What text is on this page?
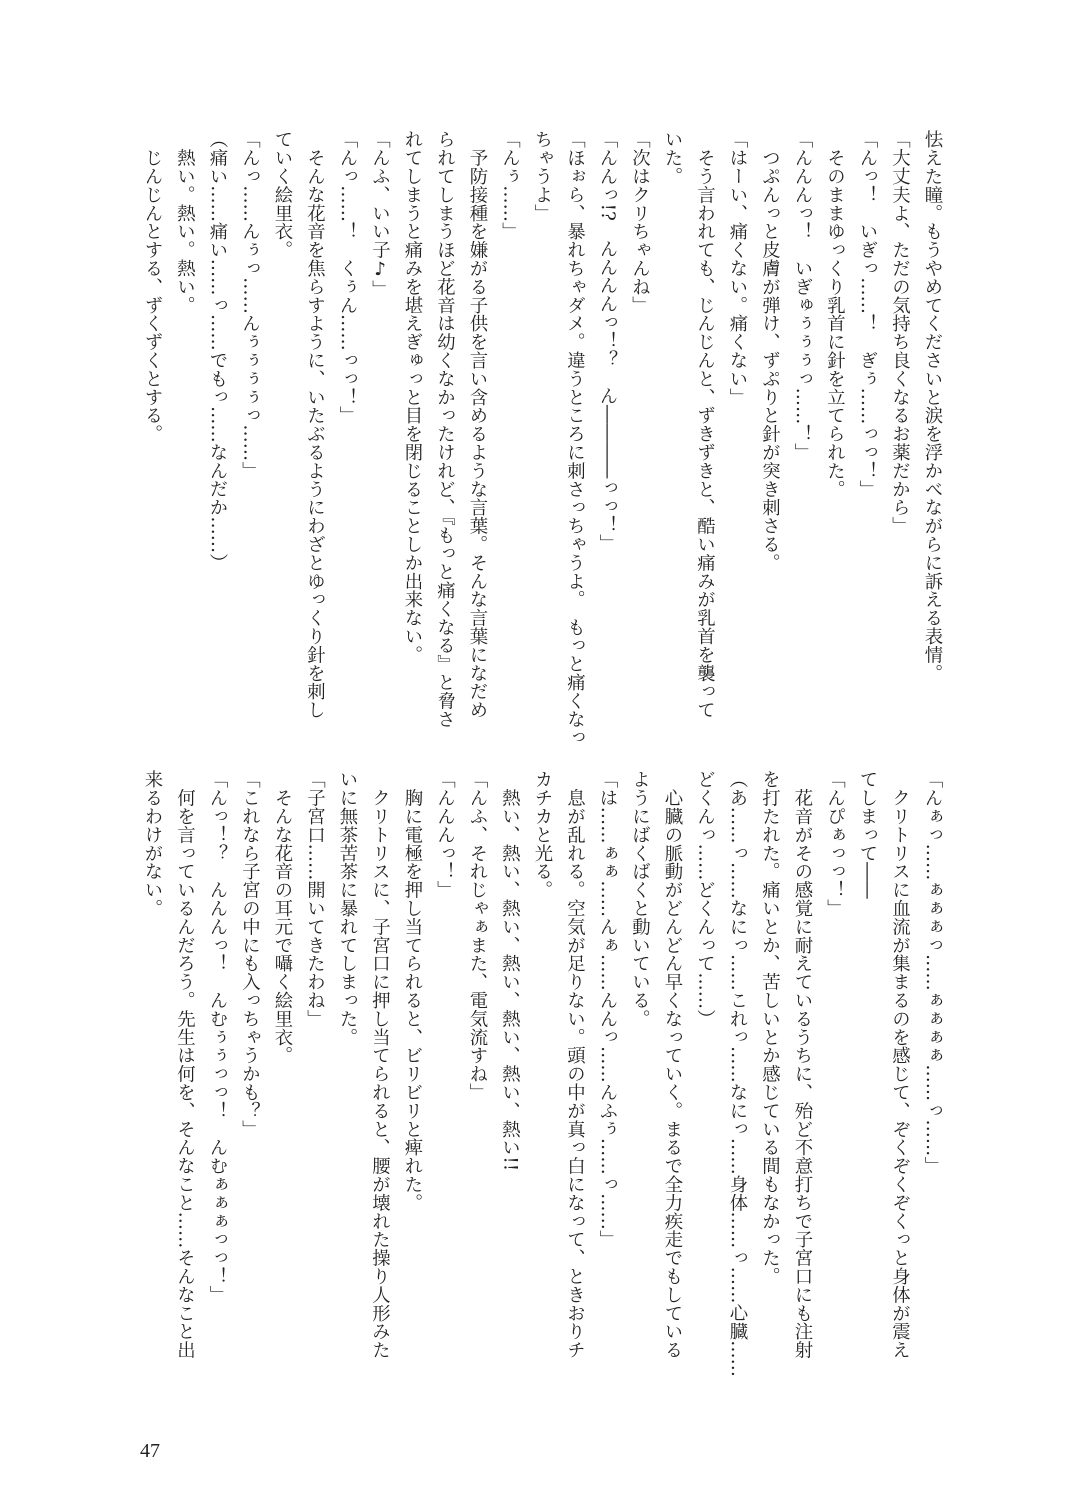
怯えた瞳。もうやめてくださいと涙を浮かべながらに訴える表情。
「大丈夫よ、ただの気持ち良くなるお薬だから」
「んっ！　いぎっ……！　ぎぅ……っっ！」
　そのままゆっくり乳首に針を立てられた。
「んんんっ！　いぎゅぅぅぅっ……！」
　つぷんっと皮膚が弾け、ずぷりと針が突き刺さる。
「はーい、痛くない。痛くない」
　そう言われても、じんじんと、ずきずきと、酷い痛みが乳首を襲って
いた。
「次はクリちゃんね」
「んんっ!?　んんんんっ！？　ん――――っっ！」
「ほぉら、暴れちゃダメ。違うところに刺さっちゃうよ。　もっと痛くなっ
ちゃうよ」
「んぅ……」
　予防接種を嫌がる子供を言い含めるような言葉。そんな言葉になだめ
られてしまうほど花音は幼くなかったけれど、『もっと痛くなる』と脅さ
れてしまうと痛みを堪えぎゅっと目を閉じることしか出来ない。
「んふ、いい子♪」
「んっ……！　くぅん……っっ！」
　そんな花音を焦らすように、いたぶるようにわざとゆっくり針を刺し
ていく絵里衣。
「んっ……んぅっ……んぅぅぅぅっ……」
（痛い……痛い……っ……でもっ……なんだか……）
　熱い。熱い。熱い。
　じんじんとする、ずくずくとする。
「んぁっ……ぁぁぁっ……ぁぁぁぁ……っ……」
　クリトリスに血流が集まるのを感じて、ぞくぞくぞくっと身体が震え
てしまって――
「んぴぁっっ！」
　花音がその感覚に耐えているうちに、殆ど不意打ちで子宮口にも注射
を打たれた。痛いとか、苦しいとか感じている間もなかった。
（あ……っ……なにっ……これっ……なにっ……身体……っ……心臓……
どくんっ……どくんって……）
　心臓の脈動がどんどん早くなっていく。まるで全力疾走でもしている
ようにばくばくと動いている。
「は……ぁぁ……んぁ……んんっ……んふぅ……っ……」
　息が乱れる。空気が足りない。頭の中が真っ白になって、ときおりチ
カチカと光る。
　熱い、熱い、熱い、熱い、熱い、熱い、熱い!!
「んふ、それじゃぁまた、電気流すね」
「んんんっ！」
　胸に電極を押し当てられると、ビリビリと痺れた。
　クリトリスに、子宮口に押し当てられると、腰が壊れた操り人形みた
いに無茶苦茶に暴れてしまった。
「子宮口……開いてきたわね」
　そんな花音の耳元で囁く絵里衣。
「これなら子宮の中にも入っちゃうかも？」
「んっ！？　んんんっ！　んむぅぅっっ！　んむぁぁぁっっ！」
　何を言っているんだろう。先生は何を、そんなこと……そんなこと出
来るわけがない。
47
